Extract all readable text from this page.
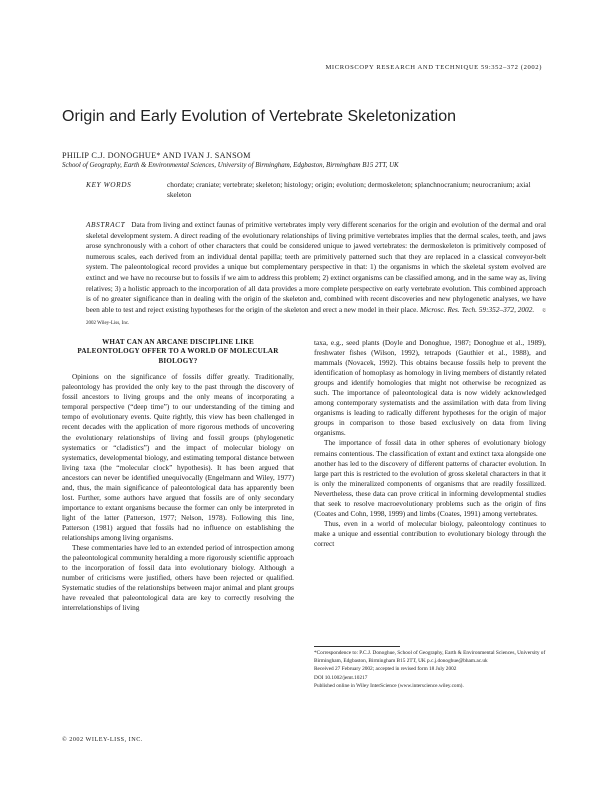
MICROSCOPY RESEARCH AND TECHNIQUE 59:352–372 (2002)
Origin and Early Evolution of Vertebrate Skeletonization
PHILIP C.J. DONOGHUE* AND IVAN J. SANSOM
School of Geography, Earth & Environmental Sciences, University of Birmingham, Edgbaston, Birmingham B15 2TT, UK
KEY WORDS	chordate; craniate; vertebrate; skeleton; histology; origin; evolution; dermoskeleton; splanchnocranium; neurocranium; axial skeleton
ABSTRACT Data from living and extinct faunas of primitive vertebrates imply very different scenarios for the origin and evolution of the dermal and oral skeletal development system. A direct reading of the evolutionary relationships of living primitive vertebrates implies that the dermal scales, teeth, and jaws arose synchronously with a cohort of other characters that could be considered unique to jawed vertebrates: the dermoskeleton is primitively composed of numerous scales, each derived from an individual dental papilla; teeth are primitively patterned such that they are replaced in a classical conveyor-belt system. The paleontological record provides a unique but complementary perspective in that: 1) the organisms in which the skeletal system evolved are extinct and we have no recourse but to fossils if we aim to address this problem; 2) extinct organisms can be classified among, and in the same way as, living relatives; 3) a holistic approach to the incorporation of all data provides a more complete perspective on early vertebrate evolution. This combined approach is of no greater significance than in dealing with the origin of the skeleton and, combined with recent discoveries and new phylogenetic analyses, we have been able to test and reject existing hypotheses for the origin of the skeleton and erect a new model in their place. Microsc. Res. Tech. 59:352–372, 2002. © 2002 Wiley-Liss, Inc.
WHAT CAN AN ARCANE DISCIPLINE LIKE PALEONTOLOGY OFFER TO A WORLD OF MOLECULAR BIOLOGY?

Opinions on the significance of fossils differ greatly. Traditionally, paleontology has provided the only key to the past through the discovery of fossil ancestors to living groups and the only means of incorporating a temporal perspective (“deep time”) to our understanding of the timing and tempo of evolutionary events. Quite rightly, this view has been challenged in recent decades with the application of more rigorous methods of uncovering the evolutionary relationships of living and fossil groups (phylogenetic systematics or “cladistics”) and the impact of molecular biology on systematics, developmental biology, and estimating temporal distance between living taxa (the “molecular clock” hypothesis). It has been argued that ancestors can never be identified unequivocally (Engelmann and Wiley, 1977) and, thus, the main significance of paleontological data has apparently been lost. Further, some authors have argued that fossils are of only secondary importance to extant organisms because the former can only be interpreted in light of the latter (Patterson, 1977; Nelson, 1978). Following this line, Patterson (1981) argued that fossils had no influence on establishing the relationships among living organisms.

These commentaries have led to an extended period of introspection among the paleontological community heralding a more rigorously scientific approach to the incorporation of fossil data into evolutionary biology. Although a number of criticisms were justified, others have been rejected or qualified. Systematic studies of the relationships between major animal and plant groups have revealed that paleontological data are key to correctly resolving the interrelationships of living

taxa, e.g., seed plants (Doyle and Donoghue, 1987; Donoghue et al., 1989), freshwater fishes (Wilson, 1992), tetrapods (Gauthier et al., 1988), and mammals (Novacek, 1992). This obtains because fossils help to prevent the identification of homoplasy as homology in living members of distantly related groups and identify homologies that might not otherwise be recognized as such. The importance of paleontological data is now widely acknowledged among contemporary systematists and the assimilation with data from living organisms is leading to radically different hypotheses for the origin of major groups in comparison to those based exclusively on data from living organisms.

The importance of fossil data in other spheres of evolutionary biology remains contentious. The classification of extant and extinct taxa alongside one another has led to the discovery of different patterns of character evolution. In large part this is restricted to the evolution of gross skeletal characters in that it is only the mineralized components of organisms that are readily fossilized. Nevertheless, these data can prove critical in informing developmental studies that seek to resolve macroevolutionary problems such as the origin of fins (Coates and Cohn, 1998, 1999) and limbs (Coates, 1991) among vertebrates.

Thus, even in a world of molecular biology, paleontology continues to make a unique and essential contribution to evolutionary biology through the correct

*Correspondence to: P.C.J. Donoghue, School of Geography, Earth & Environmental Sciences, University of Birmingham, Edgbaston, Birmingham B15 2TT, UK p.c.j.donoghue@bham.ac.uk
Received 27 February 2002; accepted in revised form 18 July 2002
DOI 10.1002/jemt.10217
Published online in Wiley InterScience (www.interscience.wiley.com).
© 2002 WILEY-LISS, INC.
